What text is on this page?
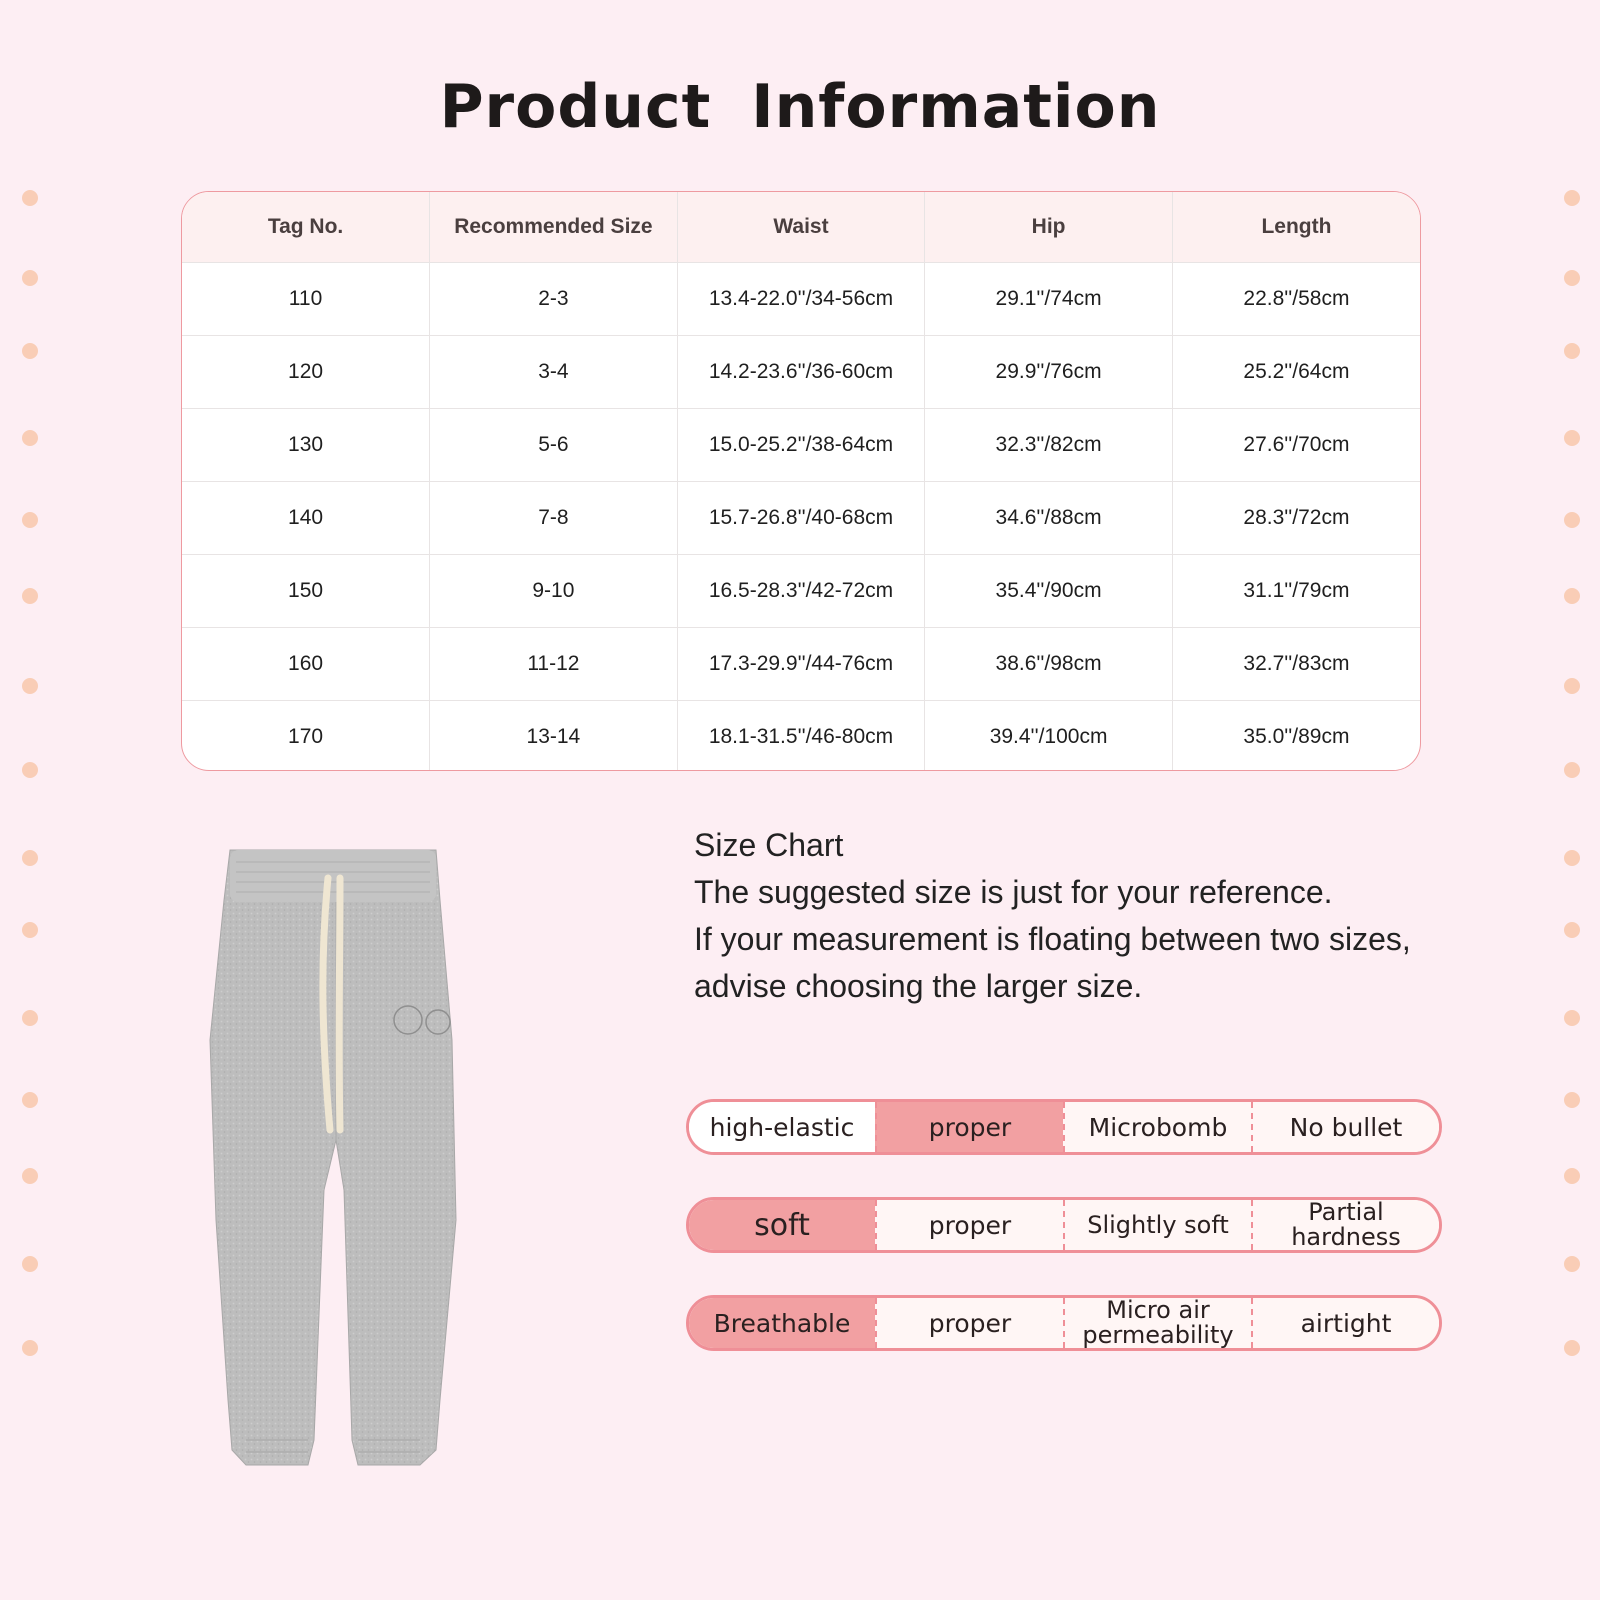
Product Information
Tag No.	Recommended Size	Waist	Hip	Length
110	2-3	13.4-22.0''/34-56cm	29.1''/74cm	22.8''/58cm
120	3-4	14.2-23.6''/36-60cm	29.9''/76cm	25.2''/64cm
130	5-6	15.0-25.2''/38-64cm	32.3''/82cm	27.6''/70cm
140	7-8	15.7-26.8''/40-68cm	34.6''/88cm	28.3''/72cm
150	9-10	16.5-28.3''/42-72cm	35.4''/90cm	31.1''/79cm
160	11-12	17.3-29.9''/44-76cm	38.6''/98cm	32.7''/83cm
170	13-14	18.1-31.5''/46-80cm	39.4''/100cm	35.0''/89cm
Size Chart
The suggested size is just for your reference.
If your measurement is floating between two sizes,
advise choosing the larger size.
high-elastic	proper	Microbomb	No bullet
soft	proper	Slightly soft	Partial hardness
Breathable	proper	Micro air permeability	airtight
